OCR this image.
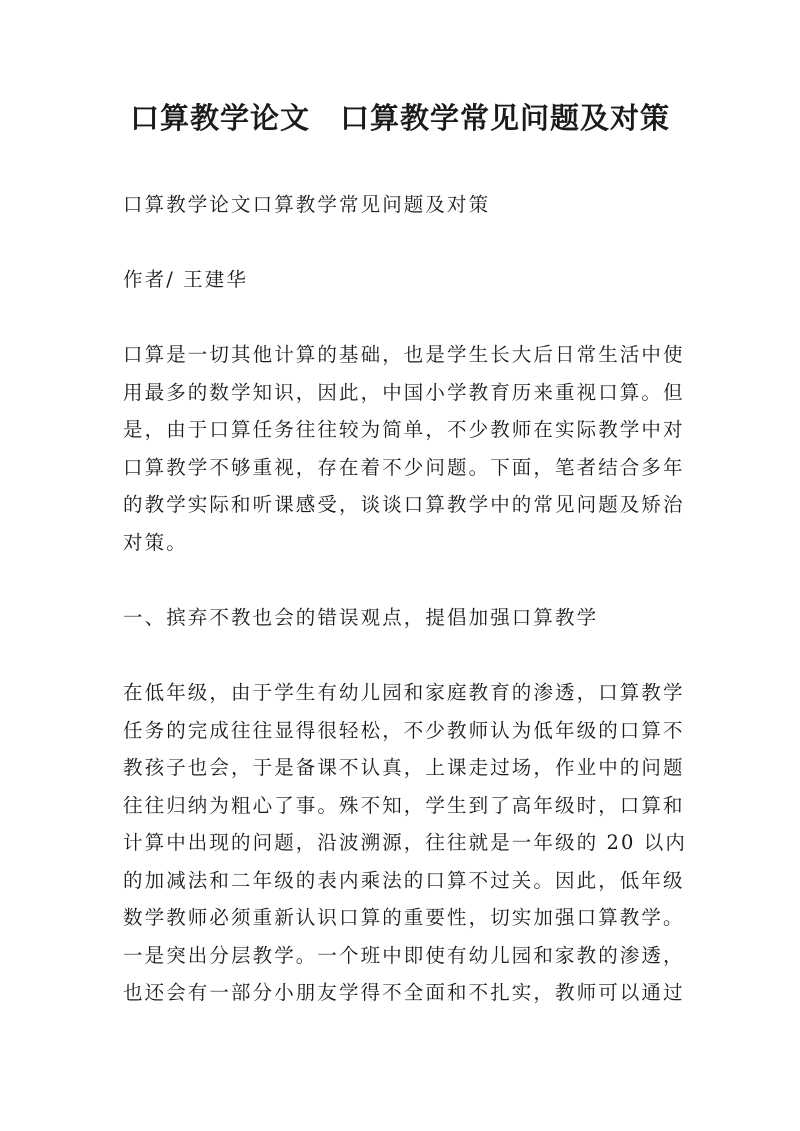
口算教学论文　口算教学常见问题及对策

口算教学论文口算教学常见问题及对策

作者/ 王建华

口算是一切其他计算的基础，也是学生长大后日常生活中使
用最多的数学知识，因此，中国小学教育历来重视口算。但
是，由于口算任务往往较为简单，不少教师在实际教学中对
口算教学不够重视，存在着不少问题。下面，笔者结合多年
的教学实际和听课感受，谈谈口算教学中的常见问题及矫治
对策。

一、摈弃不教也会的错误观点，提倡加强口算教学

在低年级，由于学生有幼儿园和家庭教育的渗透，口算教学
任务的完成往往显得很轻松，不少教师认为低年级的口算不
教孩子也会，于是备课不认真，上课走过场，作业中的问题
往往归纳为粗心了事。殊不知，学生到了高年级时，口算和
计算中出现的问题，沿波溯源，往往就是一年级的 20 以内
的加减法和二年级的表内乘法的口算不过关。因此，低年级
数学教师必须重新认识口算的重要性，切实加强口算教学。
一是突出分层教学。一个班中即使有幼儿园和家教的渗透，
也还会有一部分小朋友学得不全面和不扎实，教师可以通过
